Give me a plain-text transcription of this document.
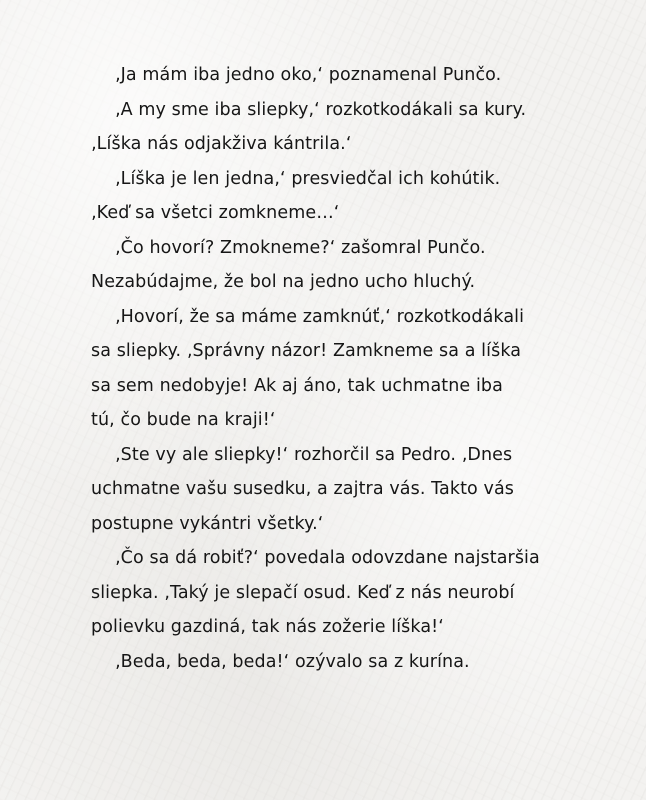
‚Ja mám iba jedno oko,‘ poznamenal Punčo.
‚A my sme iba sliepky,‘ rozkotkodákali sa kury.
‚Líška nás odjakživa kántrila.‘
‚Líška je len jedna,‘ presviedčal ich kohútik.
‚Keď sa všetci zomkneme…‘
‚Čo hovorí? Zmokneme?‘ zašomral Punčo.
Nezabúdajme, že bol na jedno ucho hluchý.
‚Hovorí, že sa máme zamknúť,‘ rozkotkodákali
sa sliepky. ‚Správny názor! Zamkneme sa a líška
sa sem nedobyje! Ak aj áno, tak uchmatne iba
tú, čo bude na kraji!‘
‚Ste vy ale sliepky!‘ rozhorčil sa Pedro. ‚Dnes
uchmatne vašu susedku, a zajtra vás. Takto vás
postupne vykántri všetky.‘
‚Čo sa dá robiť?‘ povedala odovzdane najstaršia
sliepka. ‚Taký je slepačí osud. Keď z nás neurobí
polievku gazdiná, tak nás zožerie líška!‘
‚Beda, beda, beda!‘ ozývalo sa z kurína.
